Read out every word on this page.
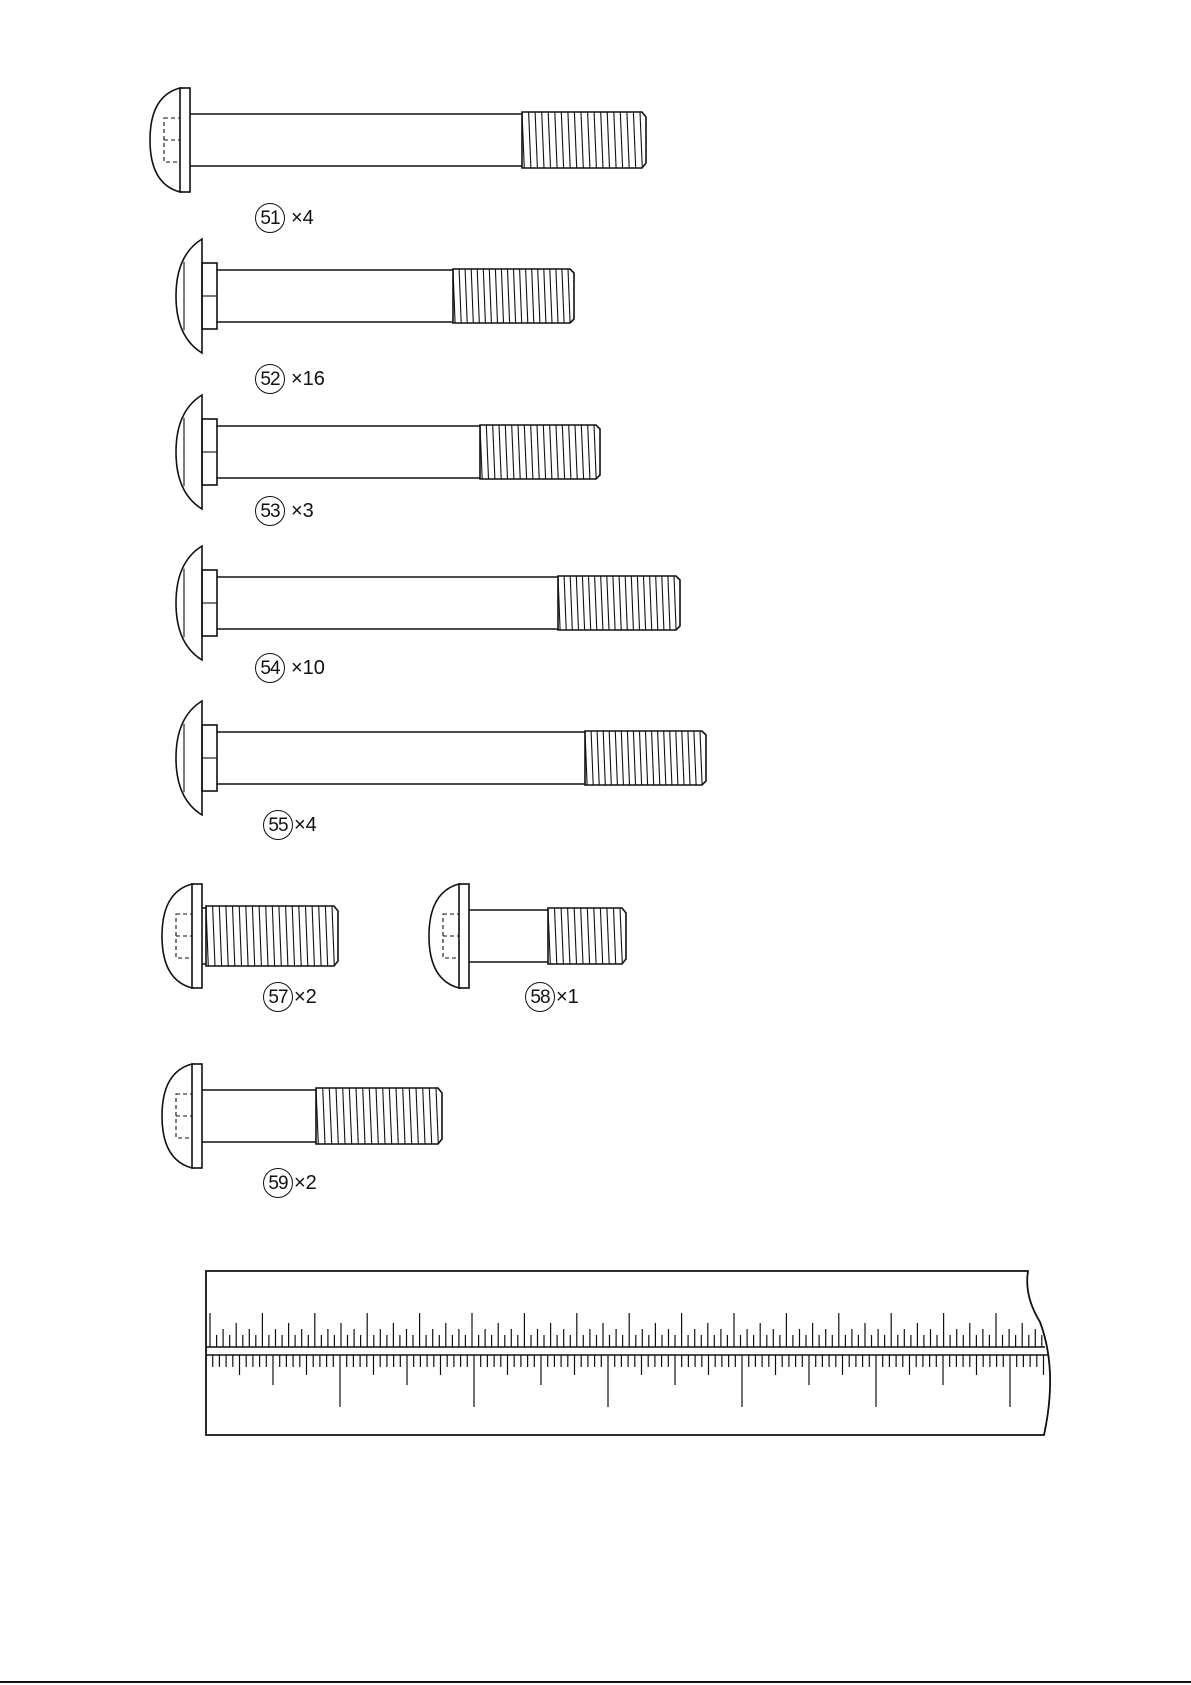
51 ×4
52 ×16
53 ×3
54 ×10
55 ×4
57 ×2	58 ×1
59 ×2
